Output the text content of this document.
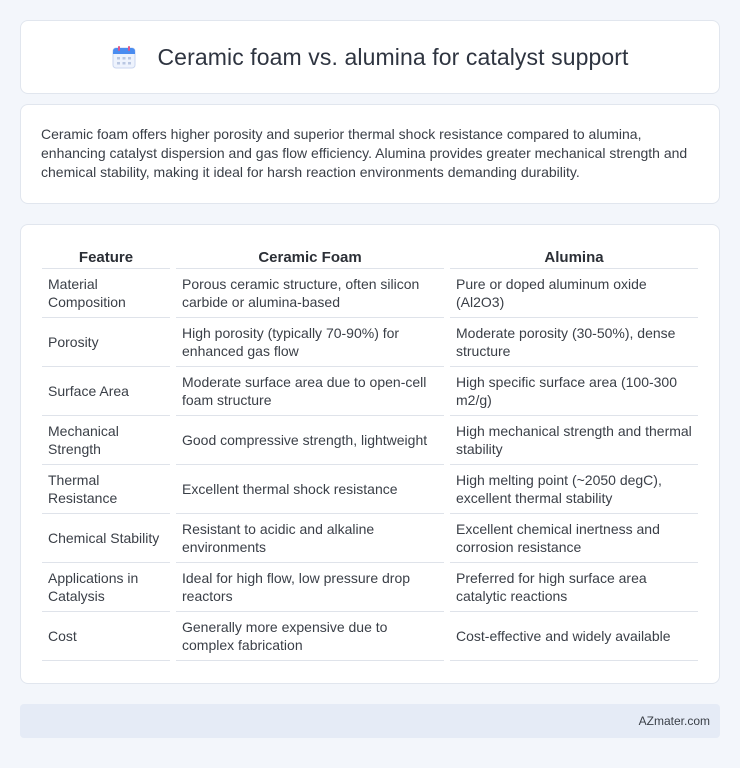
Ceramic foam vs. alumina for catalyst support

Ceramic foam offers higher porosity and superior thermal shock resistance compared to alumina, enhancing catalyst dispersion and gas flow efficiency. Alumina provides greater mechanical strength and chemical stability, making it ideal for harsh reaction environments demanding durability.

Feature	Ceramic Foam	Alumina
Material Composition	Porous ceramic structure, often silicon carbide or alumina-based	Pure or doped aluminum oxide (Al2O3)
Porosity	High porosity (typically 70-90%) for enhanced gas flow	Moderate porosity (30-50%), dense structure
Surface Area	Moderate surface area due to open-cell foam structure	High specific surface area (100-300 m2/g)
Mechanical Strength	Good compressive strength, lightweight	High mechanical strength and thermal stability
Thermal Resistance	Excellent thermal shock resistance	High melting point (~2050 degC), excellent thermal stability
Chemical Stability	Resistant to acidic and alkaline environments	Excellent chemical inertness and corrosion resistance
Applications in Catalysis	Ideal for high flow, low pressure drop reactors	Preferred for high surface area catalytic reactions
Cost	Generally more expensive due to complex fabrication	Cost-effective and widely available
AZmater.com
